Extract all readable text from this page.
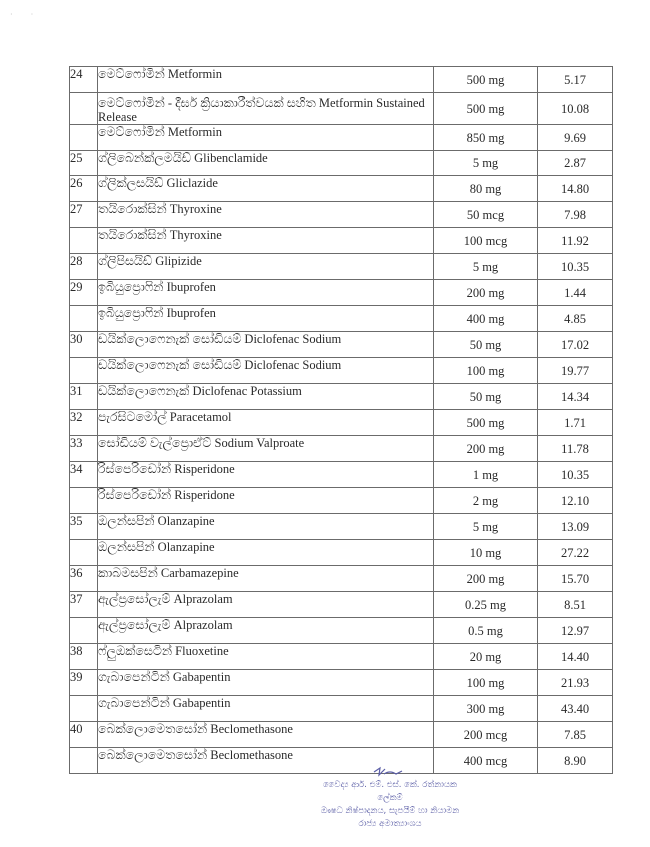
·         ·
24	මෙට්ෆෝමින් Metformin	500 mg	5.17
	මෙට්ෆෝමින් - දීර්ඝ ක්‍රියාකාරීත්වයක් සහිත Metformin Sustained Release	500 mg	10.08
	මෙට්ෆෝමින් Metformin	850 mg	9.69
25	ග්ලිබෙන්ක්ලමයිඩ් Glibenclamide	5 mg	2.87
26	ග්ලික්ලසයිඩ් Gliclazide	80 mg	14.80
27	තයිරොක්සින් Thyroxine	50 mcg	7.98
	තයිරොක්සින් Thyroxine	100 mcg	11.92
28	ග්ලිපිසයිඩ් Glipizide	5 mg	10.35
29	ඉබියුප්‍රොෆින් Ibuprofen	200 mg	1.44
	ඉබියුප්‍රොෆින් Ibuprofen	400 mg	4.85
30	ඩයික්ලොෆෙනැක් සෝඩියම් Diclofenac Sodium	50 mg	17.02
	ඩයික්ලොෆෙනැක් සෝඩියම් Diclofenac Sodium	100 mg	19.77
31	ඩයික්ලොෆෙනැක් Diclofenac Potassium	50 mg	14.34
32	පැරසිටමෝල් Paracetamol	500 mg	1.71
33	සෝඩියම් වැල්ප්‍රොඒට් Sodium Valproate	200 mg	11.78
34	රිස්පෙරිඩෝන් Risperidone	1 mg	10.35
	රිස්පෙරිඩෝන් Risperidone	2 mg	12.10
35	ඔලන්සපින් Olanzapine	5 mg	13.09
	ඔලන්සපින් Olanzapine	10 mg	27.22
36	කාබමසපින් Carbamazepine	200 mg	15.70
37	ඇල්ප්‍රසෝලැම් Alprazolam	0.25 mg	8.51
	ඇල්ප්‍රසෝලැම් Alprazolam	0.5 mg	12.97
38	ෆ්ලුඔක්සෙටින් Fluoxetine	20 mg	14.40
39	ගැබාපෙන්ටින් Gabapentin	100 mg	21.93
	ගැබාපෙන්ටින් Gabapentin	300 mg	43.40
40	බෙක්ලොමෙතසෝන් Beclomethasone	200 mcg	7.85
	බෙක්ලොමෙතසෝන් Beclomethasone	400 mcg	8.90
වෛද්‍ය ආර්. එම්. එස්. කේ. රත්නායක
ලේකම්
ඖෂධ නිෂ්පාදනය, සැපයීම් හා නියාමන
රාජ්‍ය අමාත්‍යාංශය
